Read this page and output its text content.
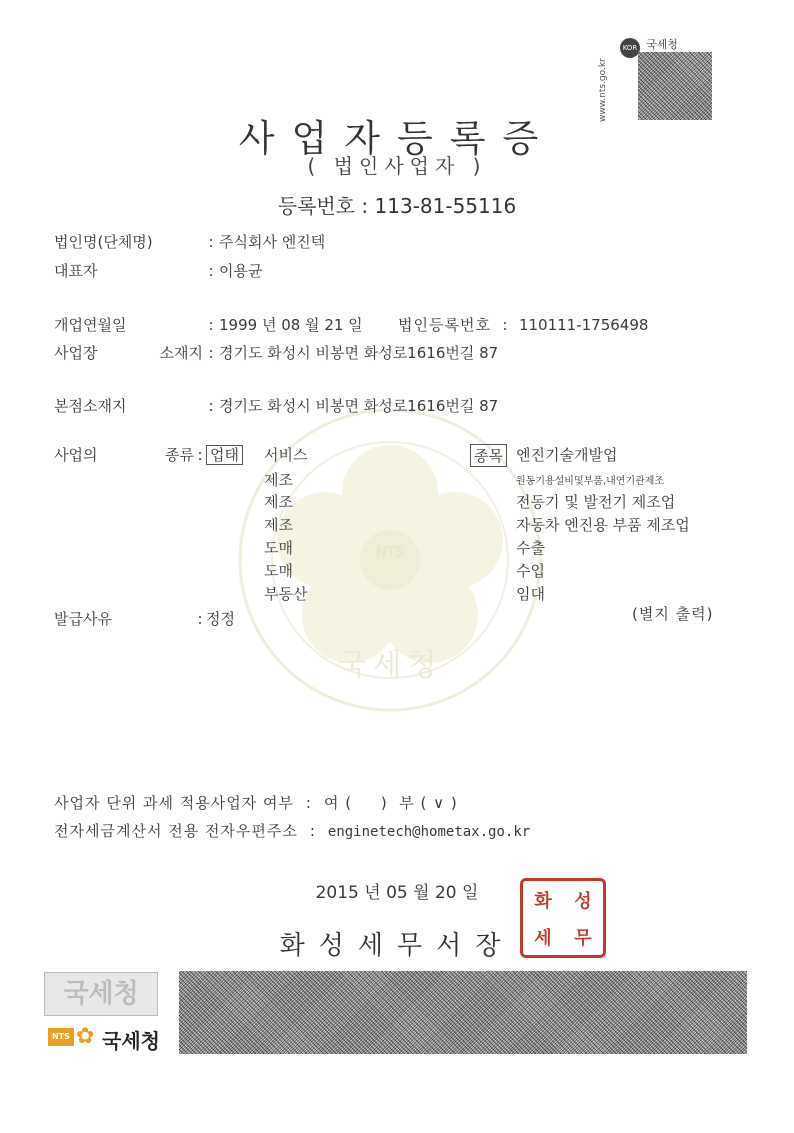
NTS
국세청
www.nts.go.kr
KOR 국세청
사업자등록증
( 법인사업자 )
등록번호 : 113-81-55116
법인명(단체명)	: 주식회사 엔진텍
대표자	: 이용균
개업연월일	: 1999 년 08 월 21 일 법인등록번호 : 110111-1756498
사업장 소재지 : 경기도 화성시 비봉면 화성로1616번길 87
본점소재지	: 경기도 화성시 비봉면 화성로1616번길 87
사업의 종류 : 업태	종목
서비스	엔진기술개발업
제조	원동기용설비및부품,내연기관제조
제조	전동기 및 발전기 제조업
제조	자동차 엔진용 부품 제조업
도매	수출
도매	수입
부동산	임대
발급사유	: 정정	(별지 출력)
사업자 단위 과세 적용사업자 여부 : 여 (     )  부 ( ∨ )
전자세금계산서 전용 전자우편주소 : enginetech@hometax.go.kr
2015 년 05 월 20 일
화성세무서장
화	성
세	무
국세청
NTS ✿ 국세청
